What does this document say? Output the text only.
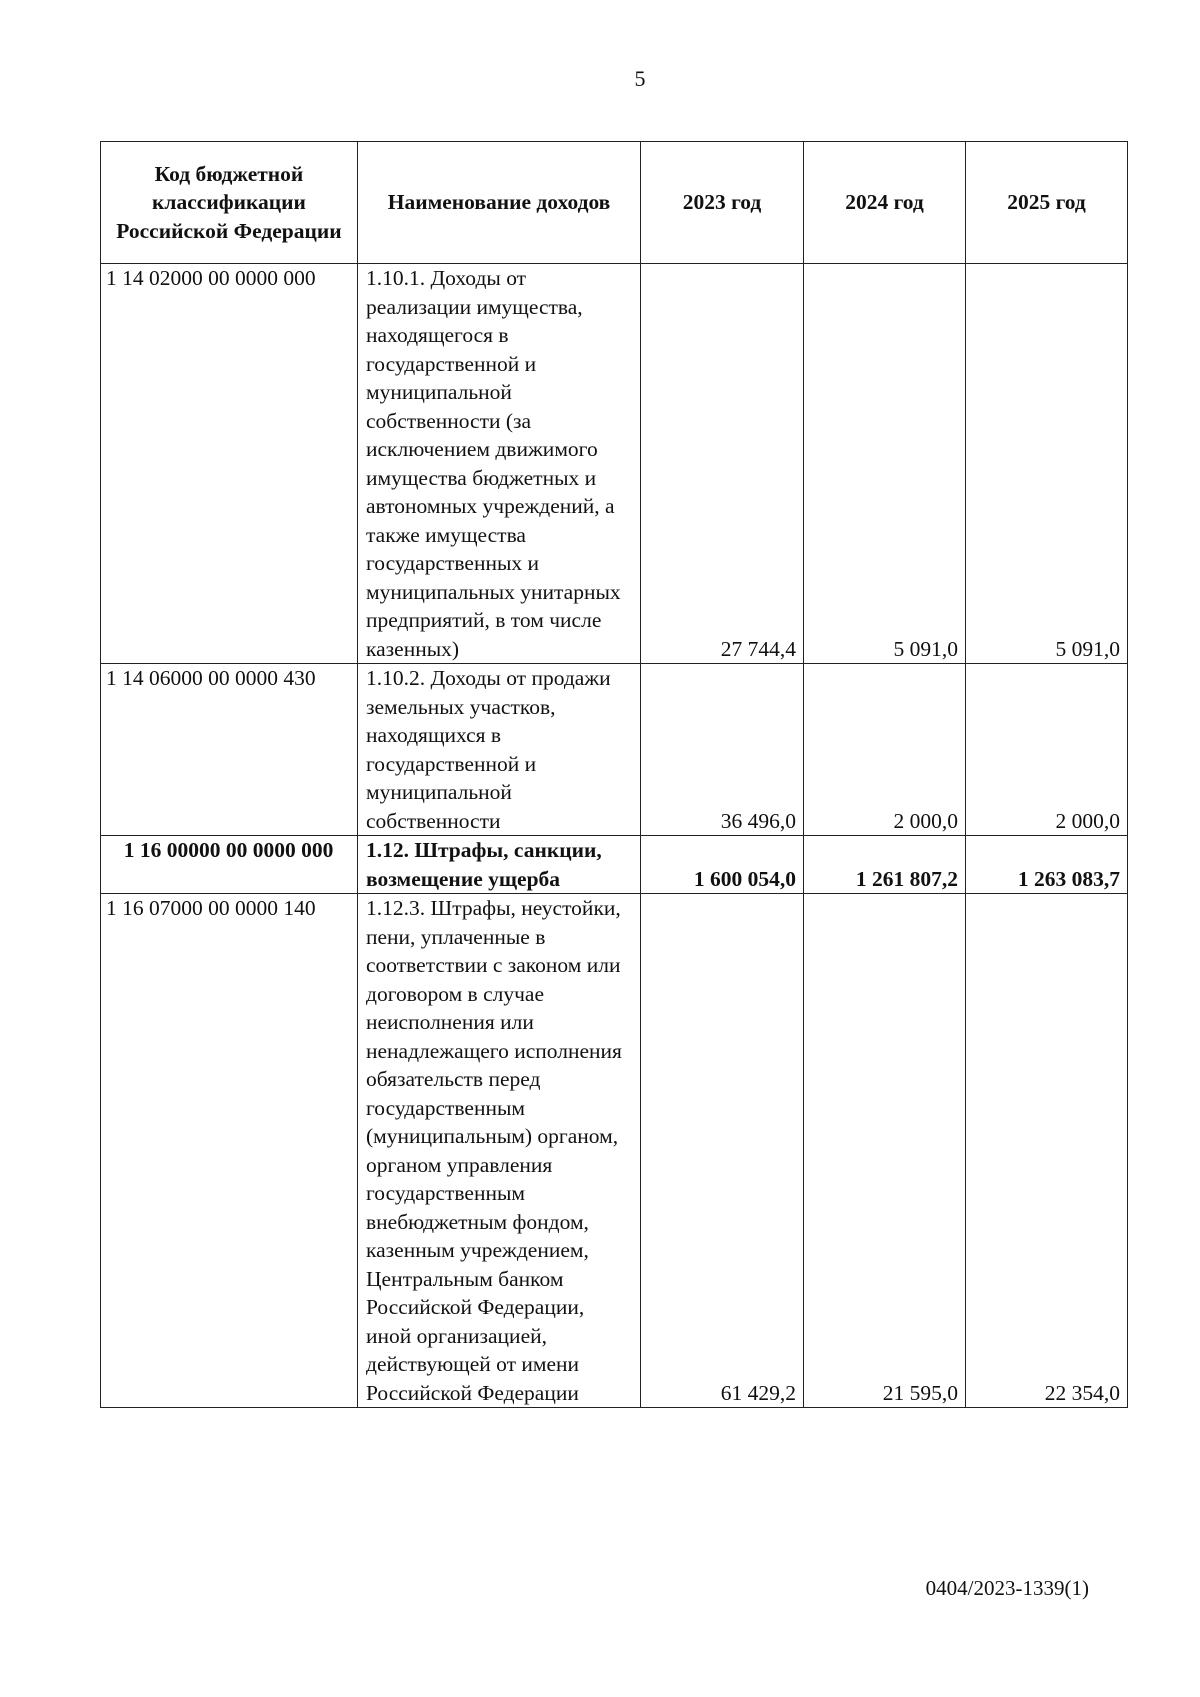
5
Код бюджетной классификации Российской Федерации	Наименование доходов	2023 год	2024 год	2025 год
1 14 02000 00 0000 000	1.10.1. Доходы от реализации имущества, находящегося в государственной и муниципальной собственности (за исключением движимого имущества бюджетных и автономных учреждений, а также имущества государственных и муниципальных унитарных предприятий, в том числе казенных)	27 744,4	5 091,0	5 091,0
1 14 06000 00 0000 430	1.10.2. Доходы от продажи земельных участков, находящихся в государственной и муниципальной собственности	36 496,0	2 000,0	2 000,0
1 16 00000 00 0000 000	1.12. Штрафы, санкции, возмещение ущерба	1 600 054,0	1 261 807,2	1 263 083,7
1 16 07000 00 0000 140	1.12.3. Штрафы, неустойки, пени, уплаченные в соответствии с законом или договором в случае неисполнения или ненадлежащего исполнения обязательств перед государственным (муниципальным) органом, органом управления государственным внебюджетным фондом, казенным учреждением, Центральным банком Российской Федерации, иной организацией, действующей от имени Российской Федерации	61 429,2	21 595,0	22 354,0
0404/2023-1339(1)
